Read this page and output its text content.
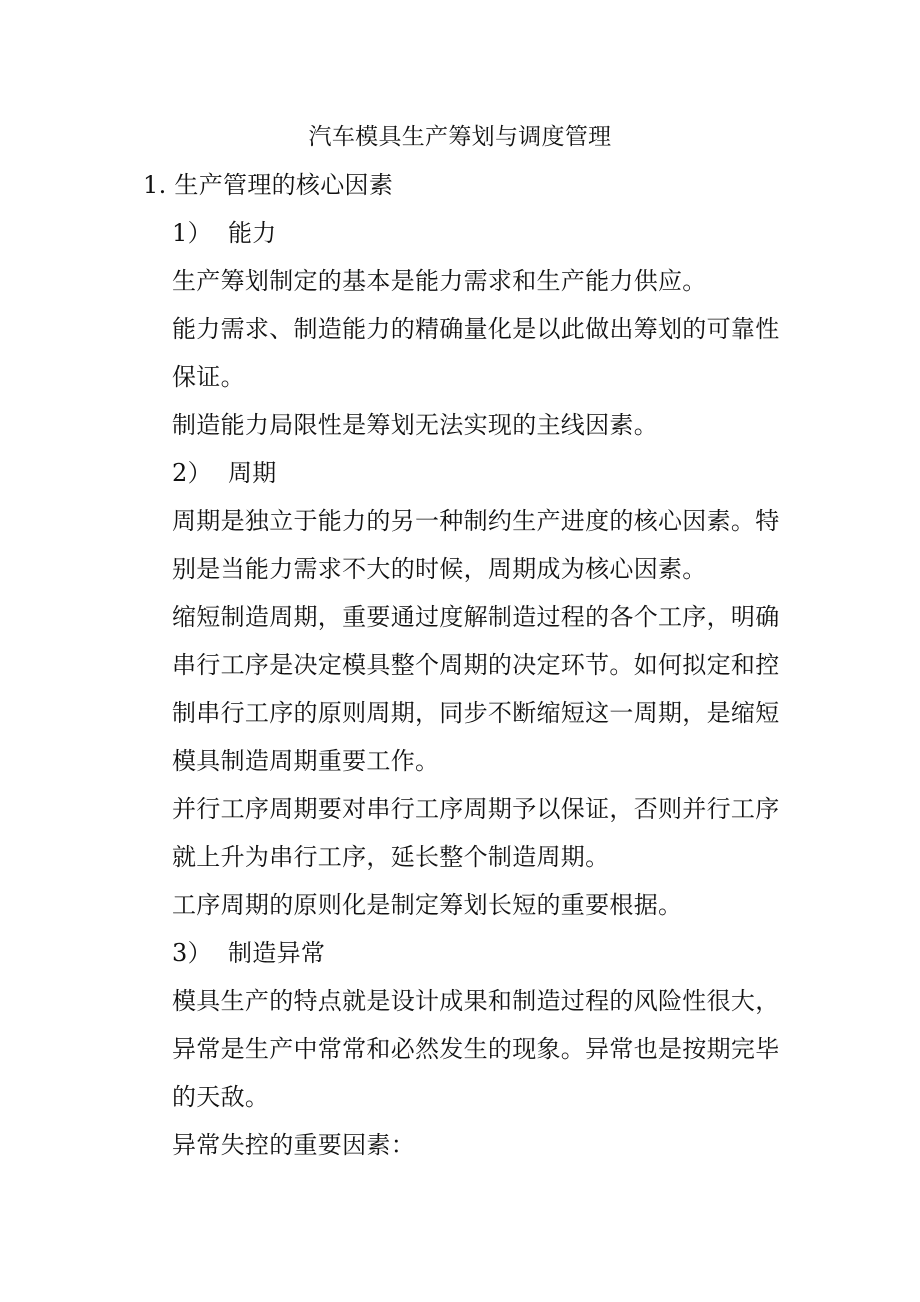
汽车模具生产筹划与调度管理
1. 生产管理的核心因素
1） 能力
生产筹划制定的基本是能力需求和生产能力供应。
能力需求、制造能力的精确量化是以此做出筹划的可靠性
保证。
制造能力局限性是筹划无法实现的主线因素。
2） 周期
周期是独立于能力的另一种制约生产进度的核心因素。特
别是当能力需求不大的时候，周期成为核心因素。
缩短制造周期，重要通过度解制造过程的各个工序，明确
串行工序是决定模具整个周期的决定环节。如何拟定和控
制串行工序的原则周期，同步不断缩短这一周期，是缩短
模具制造周期重要工作。
并行工序周期要对串行工序周期予以保证，否则并行工序
就上升为串行工序，延长整个制造周期。
工序周期的原则化是制定筹划长短的重要根据。
3） 制造异常
模具生产的特点就是设计成果和制造过程的风险性很大，
异常是生产中常常和必然发生的现象。异常也是按期完毕
的天敌。
异常失控的重要因素：
